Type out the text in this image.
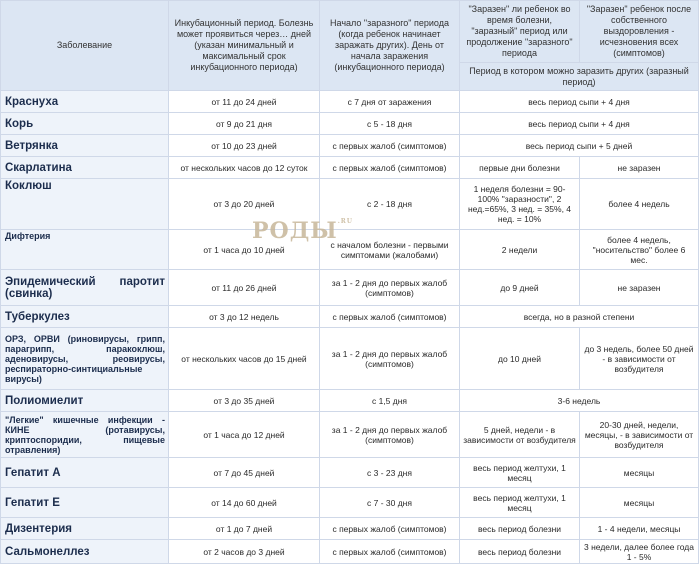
Заболевание	Инкубационный период. Болезнь может проявиться через… дней (указан минимальный и максимальный срок инкубационного периода)	Начало "заразного" периода (когда ребенок начинает заражать других). День от начала заражения (инкубационного периода)	"Заразен" ли ребенок во время болезни, "заразный" период или продолжение "заразного" периода	"Заразен" ребенок после собственного выздоровления - исчезновения всех (симптомов)
			Период в котором можно заразить других (заразный период)	
Краснуха	от 11 до 24 дней	с 7 дня от заражения	весь период сыпи + 4 дня	
Корь	от 9 до 21 дня	с 5 - 18 дня	весь период сыпи + 4 дня	
Ветрянка	от 10 до 23 дней	с первых жалоб (симптомов)	весь период сыпи + 5 дней	
Скарлатина	от нескольких часов до 12 суток	с первых жалоб (симптомов)	первые дни болезни	не заразен
Коклюш	от 3 до 20 дней	с 2 - 18 дня	1 неделя болезни = 90-100% "заразности", 2 нед.=65%, 3 нед. = 35%, 4 нед. = 10%	более 4 недель
Дифтерия	от 1 часа до 10 дней	с началом болезни - первыми симптомами (жалобами)	2 недели	более 4 недель, "носительство" более 6 мес.
Эпидемический паротит (свинка)	от 11 до 26 дней	за 1 - 2 дня до первых жалоб (симптомов)	до 9 дней	не заразен
Туберкулез	от 3 до 12 недель	с первых жалоб (симптомов)	всегда, но в разной степени	
ОРЗ, ОРВИ (риновирусы, грипп, парагрипп, паракоклюш, аденовирусы, реовирусы, респираторно-синтициальные вирусы)	от нескольких часов до 15 дней	за 1 - 2 дня до первых жалоб (симптомов)	до 10 дней	до 3 недель, более 50 дней - в зависимости от возбудителя
Полиомиелит	от 3 до 35 дней	с 1,5 дня	3-6 недель	
"Легкие" кишечные инфекции - КИНЕ (ротавирусы, криптоспоридии, пищевые отравления)	от 1 часа до 12 дней	за 1 - 2 дня до первых жалоб (симптомов)	5 дней, недели - в зависимости от возбудителя	20-30 дней, недели, месяцы, - в зависимости от возбудителя
Гепатит А	от 7 до 45 дней	с 3 - 23 дня	весь период желтухи, 1 месяц	месяцы
Гепатит Е	от 14 до 60 дней	с 7 - 30 дня	весь период желтухи, 1 месяц	месяцы
Дизентерия	от 1 до 7 дней	с первых жалоб (симптомов)	весь период болезни	1 - 4 недели, месяцы
Сальмонеллез	от 2 часов до 3 дней	с первых жалоб (симптомов)	весь период болезни	3 недели, далее более года 1 - 5%
$РОДЫ^{.RU}$
